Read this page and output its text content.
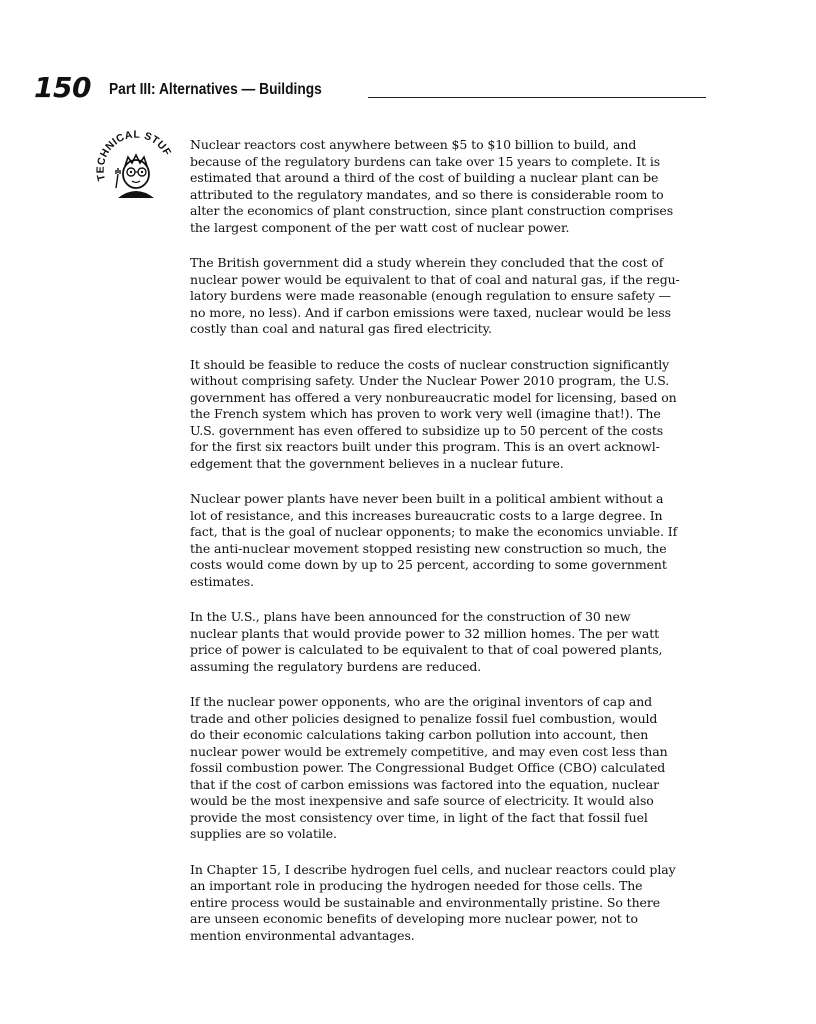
150 Part III: Alternatives — Buildings
T CHNICAL STUF

Nuclear reactors cost anywhere between $5 to $10 billion to build, and
because of the regulatory burdens can take over 15 years to complete. It is
estimated that around a third of the cost of building a nuclear plant can be
attributed to the regulatory mandates, and so there is considerable room to
alter the economics of plant construction, since plant construction comprises
the largest component of the per watt cost of nuclear power.

The British government did a study wherein they concluded that the cost of
nuclear power would be equivalent to that of coal and natural gas, if the regu-
latory burdens were made reasonable (enough regulation to ensure safety —
no more, no less). And if carbon emissions were taxed, nuclear would be less
costly than coal and natural gas fired electricity.

It should be feasible to reduce the costs of nuclear construction significantly
without comprising safety. Under the Nuclear Power 2010 program, the U.S.
government has offered a very nonbureaucratic model for licensing, based on
the French system which has proven to work very well (imagine that!). The
U.S. government has even offered to subsidize up to 50 percent of the costs
for the first six reactors built under this program. This is an overt acknowl-
edgement that the government believes in a nuclear future.

Nuclear power plants have never been built in a political ambient without a
lot of resistance, and this increases bureaucratic costs to a large degree. In
fact, that is the goal of nuclear opponents; to make the economics unviable. If
the anti-nuclear movement stopped resisting new construction so much, the
costs would come down by up to 25 percent, according to some government
estimates.

In the U.S., plans have been announced for the construction of 30 new
nuclear plants that would provide power to 32 million homes. The per watt
price of power is calculated to be equivalent to that of coal powered plants,
assuming the regulatory burdens are reduced.

If the nuclear power opponents, who are the original inventors of cap and
trade and other policies designed to penalize fossil fuel combustion, would
do their economic calculations taking carbon pollution into account, then
nuclear power would be extremely competitive, and may even cost less than
fossil combustion power. The Congressional Budget Office (CBO) calculated
that if the cost of carbon emissions was factored into the equation, nuclear
would be the most inexpensive and safe source of electricity. It would also
provide the most consistency over time, in light of the fact that fossil fuel
supplies are so volatile.

In Chapter 15, I describe hydrogen fuel cells, and nuclear reactors could play
an important role in producing the hydrogen needed for those cells. The
entire process would be sustainable and environmentally pristine. So there
are unseen economic benefits of developing more nuclear power, not to
mention environmental advantages.
